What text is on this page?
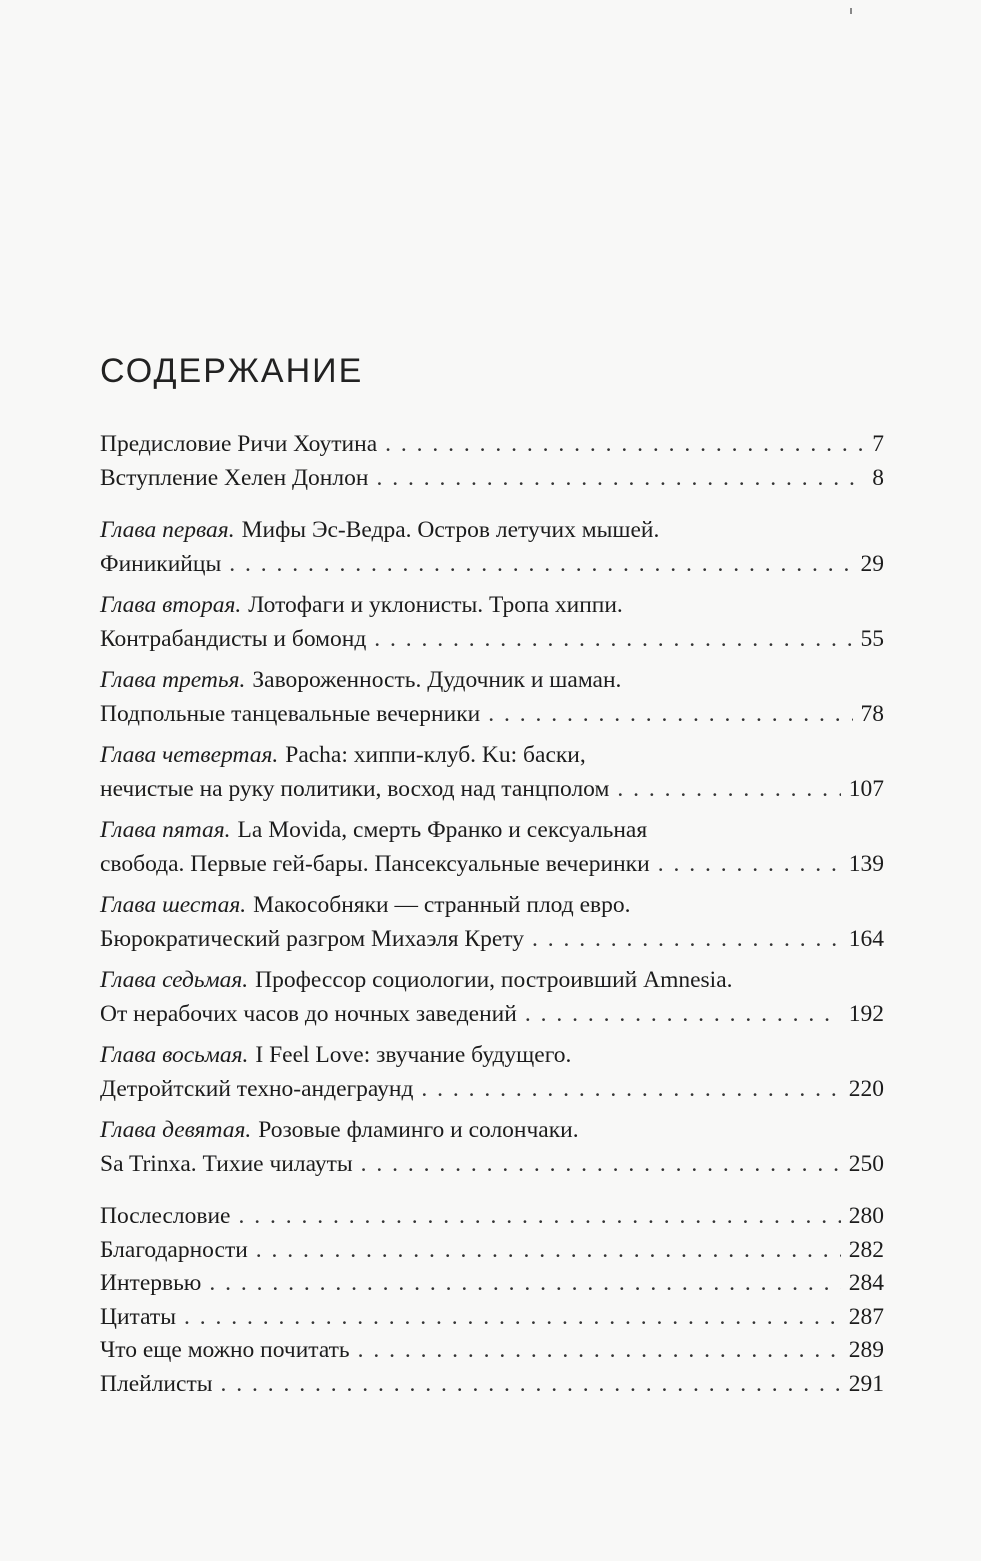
СОДЕРЖАНИЕ
Предисловие Ричи Хоутина . . .	7
Вступление Хелен Донлон . . .	8
Глава первая. Мифы Эс-Ведра. Остров летучих мышей.
Финикийцы . . .	29
Глава вторая. Лотофаги и уклонисты. Тропа хиппи.
Контрабандисты и бомонд . . .	55
Глава третья. Завороженность. Дудочник и шаман.
Подпольные танцевальные вечерники . . .	78
Глава четвертая. Pacha: хиппи-клуб. Ku: баски,
нечистые на руку политики, восход над танцполом . . .	107
Глава пятая. La Movida, смерть Франко и сексуальная
свобода. Первые гей-бары. Пансексуальные вечеринки . . .	139
Глава шестая. Макособняки — странный плод евро.
Бюрократический разгром Михаэля Крету . . .	164
Глава седьмая. Профессор социологии, построивший Amnesia.
От нерабочих часов до ночных заведений . . .	192
Глава восьмая. I Feel Love: звучание будущего.
Детройтский техно-андеграунд . . .	220
Глава девятая. Розовые фламинго и солончаки.
Sa Trinxa. Тихие чилауты . . .	250
Послесловие . . .	280
Благодарности . . .	282
Интервью . . .	284
Цитаты . . .	287
Что еще можно почитать . . .	289
Плейлисты . . .	291
